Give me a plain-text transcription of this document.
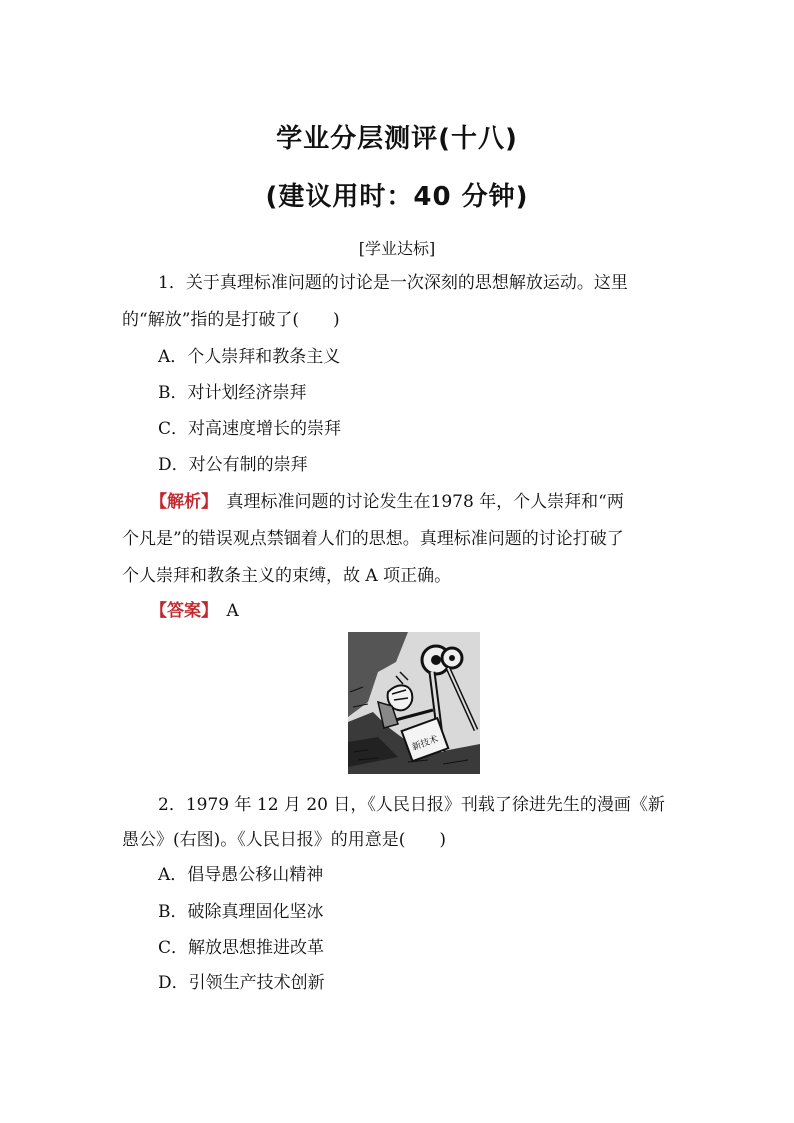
学业分层测评(十八)
(建议用时：40 分钟)
[学业达标]
1．关于真理标准问题的讨论是一次深刻的思想解放运动。这里
的“解放”指的是打破了(　　)
A．个人崇拜和教条主义
B．对计划经济崇拜
C．对高速度增长的崇拜
D．对公有制的崇拜
【解析】　真理标准问题的讨论发生在1978 年，个人崇拜和“两
个凡是”的错误观点禁锢着人们的思想。真理标准问题的讨论打破了
个人崇拜和教条主义的束缚，故 A 项正确。
【答案】　A
新技术
2．1979 年 12 月 20 日，《人民日报》刊载了徐进先生的漫画《新
愚公》(右图)。《人民日报》的用意是(　　)
A．倡导愚公移山精神
B．破除真理固化坚冰
C．解放思想推进改革
D．引领生产技术创新
